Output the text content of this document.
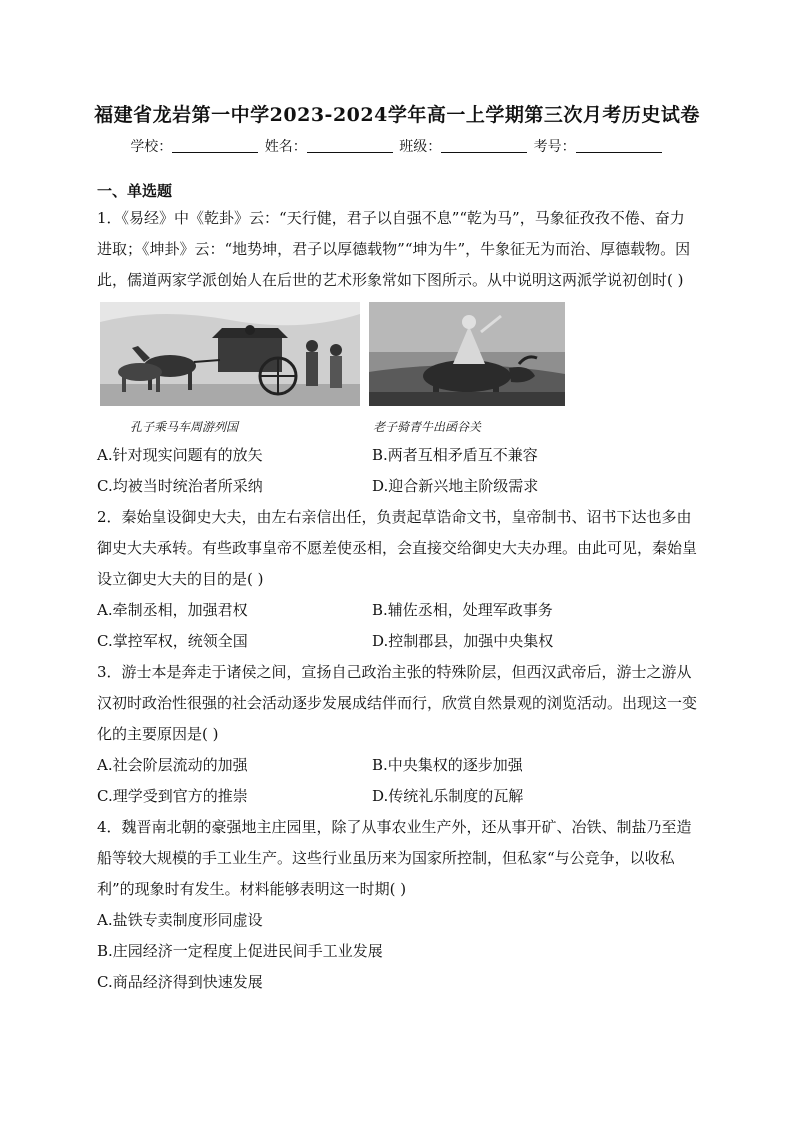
福建省龙岩第一中学2023-2024学年高一上学期第三次月考历史试卷
学校：	姓名：	班级：	考号：
一、单选题

1．《易经》中《乾卦》云：“天行健，君子以自强不息”“乾为马”，马象征孜孜不倦、奋力进取；《坤卦》云：“地势坤，君子以厚德载物”“坤为牛”，牛象征无为而治、厚德载物。因此，儒道两家学派创始人在后世的艺术形象常如下图所示。从中说明这两派学说初创时( )

孔子乘马车周游列国	老子骑青牛出函谷关
A.针对现实问题有的放矢	B.两者互相矛盾互不兼容
C.均被当时统治者所采纳	D.迎合新兴地主阶级需求

2．秦始皇设御史大夫，由左右亲信出任，负责起草诰命文书，皇帝制书、诏书下达也多由御史大夫承转。有些政事皇帝不愿差使丞相，会直接交给御史大夫办理。由此可见，秦始皇设立御史大夫的目的是( )

A.牵制丞相，加强君权	B.辅佐丞相，处理军政事务
C.掌控军权，统领全国	D.控制郡县，加强中央集权

3．游士本是奔走于诸侯之间，宣扬自己政治主张的特殊阶层，但西汉武帝后，游士之游从汉初时政治性很强的社会活动逐步发展成结伴而行，欣赏自然景观的浏览活动。出现这一变化的主要原因是( )

A.社会阶层流动的加强	B.中央集权的逐步加强
C.理学受到官方的推崇	D.传统礼乐制度的瓦解

4．魏晋南北朝的豪强地主庄园里，除了从事农业生产外，还从事开矿、冶铁、制盐乃至造船等较大规模的手工业生产。这些行业虽历来为国家所控制，但私家“与公竞争，以收私利”的现象时有发生。材料能够表明这一时期( )

A.盐铁专卖制度形同虚设
B.庄园经济一定程度上促进民间手工业发展
C.商品经济得到快速发展
